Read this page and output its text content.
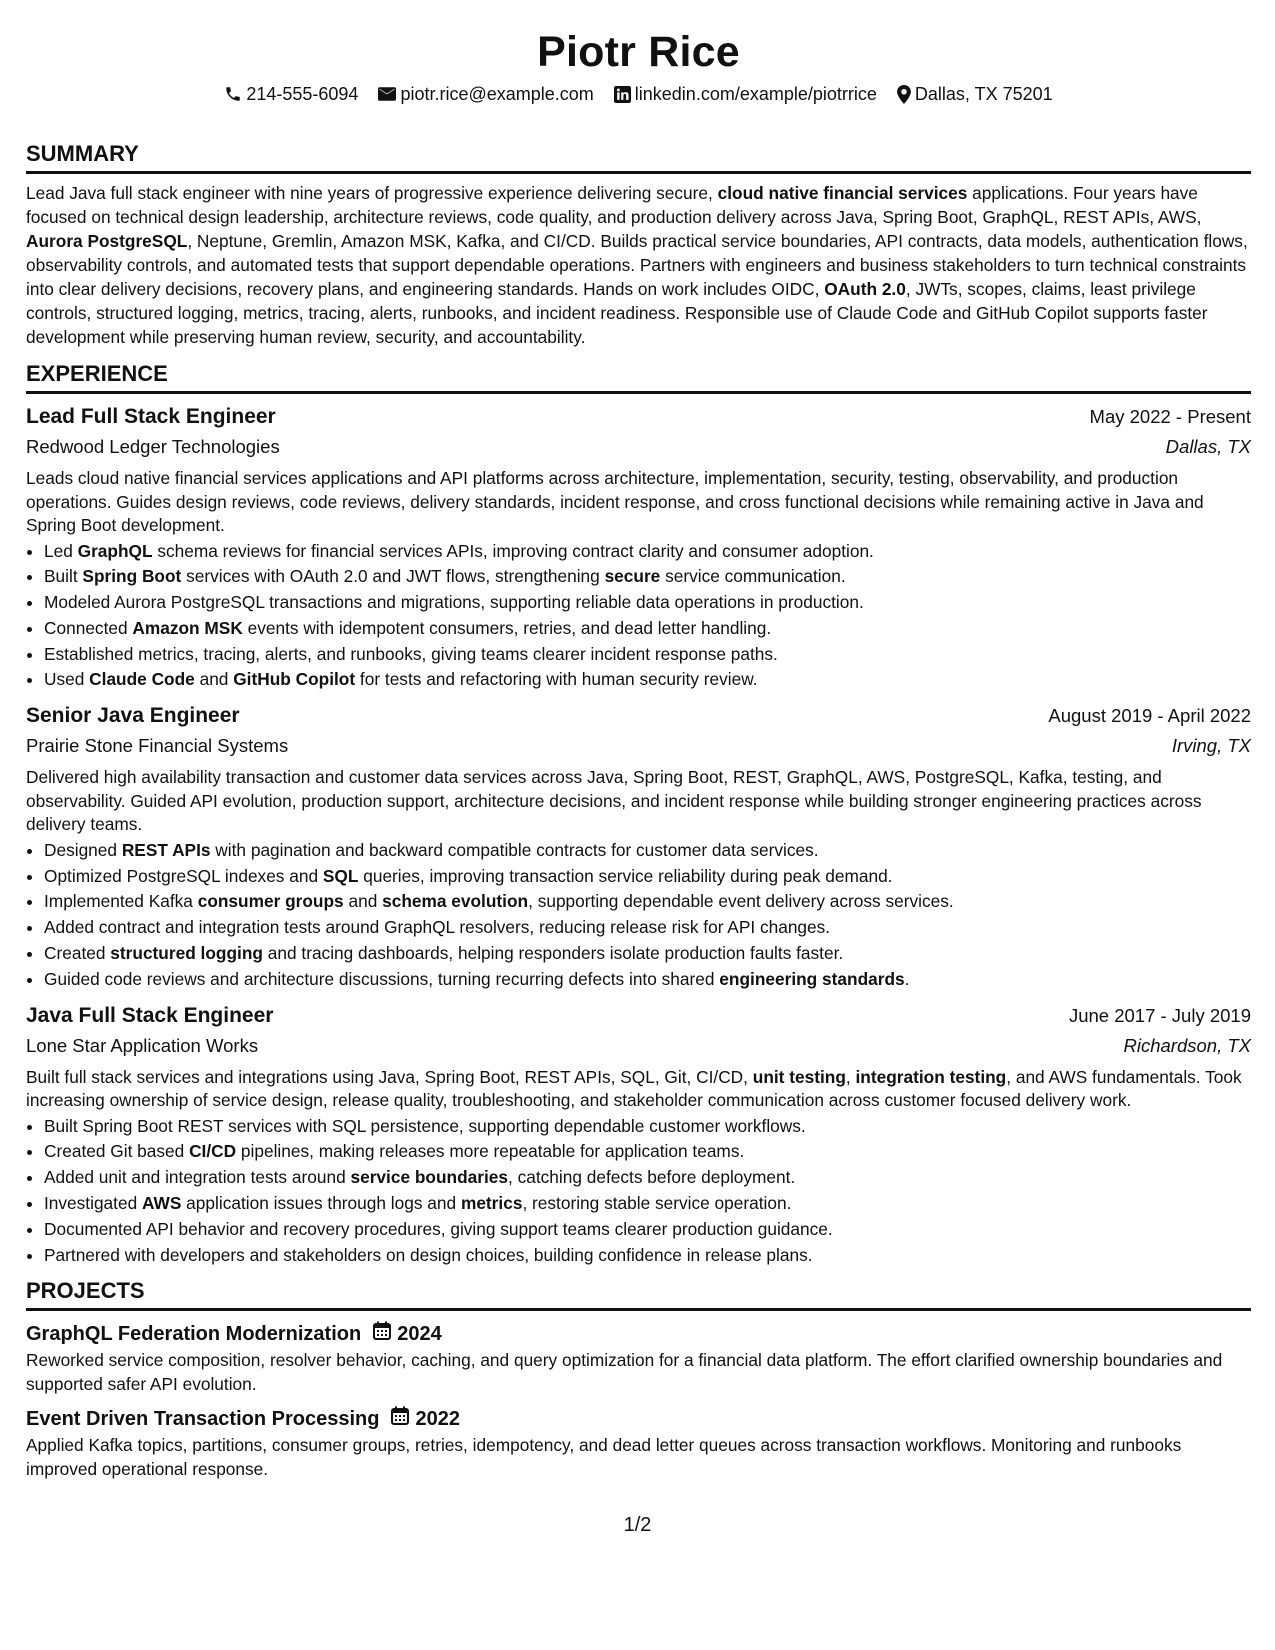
Piotr Rice
214-555-6094 piotr.rice@example.com linkedin.com/example/piotrrice Dallas, TX 75201
SUMMARY
Lead Java full stack engineer with nine years of progressive experience delivering secure, cloud native financial services applications. Four years have focused on technical design leadership, architecture reviews, code quality, and production delivery across Java, Spring Boot, GraphQL, REST APIs, AWS, Aurora PostgreSQL, Neptune, Gremlin, Amazon MSK, Kafka, and CI/CD. Builds practical service boundaries, API contracts, data models, authentication flows, observability controls, and automated tests that support dependable operations. Partners with engineers and business stakeholders to turn technical constraints into clear delivery decisions, recovery plans, and engineering standards. Hands on work includes OIDC, OAuth 2.0, JWTs, scopes, claims, least privilege controls, structured logging, metrics, tracing, alerts, runbooks, and incident readiness. Responsible use of Claude Code and GitHub Copilot supports faster development while preserving human review, security, and accountability.
EXPERIENCE
Lead Full Stack Engineer	May 2022 - Present
Redwood Ledger Technologies	Dallas, TX
Leads cloud native financial services applications and API platforms across architecture, implementation, security, testing, observability, and production operations. Guides design reviews, code reviews, delivery standards, incident response, and cross functional decisions while remaining active in Java and Spring Boot development.
• Led GraphQL schema reviews for financial services APIs, improving contract clarity and consumer adoption.
• Built Spring Boot services with OAuth 2.0 and JWT flows, strengthening secure service communication.
• Modeled Aurora PostgreSQL transactions and migrations, supporting reliable data operations in production.
• Connected Amazon MSK events with idempotent consumers, retries, and dead letter handling.
• Established metrics, tracing, alerts, and runbooks, giving teams clearer incident response paths.
• Used Claude Code and GitHub Copilot for tests and refactoring with human security review.
Senior Java Engineer	August 2019 - April 2022
Prairie Stone Financial Systems	Irving, TX
Delivered high availability transaction and customer data services across Java, Spring Boot, REST, GraphQL, AWS, PostgreSQL, Kafka, testing, and observability. Guided API evolution, production support, architecture decisions, and incident response while building stronger engineering practices across delivery teams.
• Designed REST APIs with pagination and backward compatible contracts for customer data services.
• Optimized PostgreSQL indexes and SQL queries, improving transaction service reliability during peak demand.
• Implemented Kafka consumer groups and schema evolution, supporting dependable event delivery across services.
• Added contract and integration tests around GraphQL resolvers, reducing release risk for API changes.
• Created structured logging and tracing dashboards, helping responders isolate production faults faster.
• Guided code reviews and architecture discussions, turning recurring defects into shared engineering standards.
Java Full Stack Engineer	June 2017 - July 2019
Lone Star Application Works	Richardson, TX
Built full stack services and integrations using Java, Spring Boot, REST APIs, SQL, Git, CI/CD, unit testing, integration testing, and AWS fundamentals. Took increasing ownership of service design, release quality, troubleshooting, and stakeholder communication across customer focused delivery work.
• Built Spring Boot REST services with SQL persistence, supporting dependable customer workflows.
• Created Git based CI/CD pipelines, making releases more repeatable for application teams.
• Added unit and integration tests around service boundaries, catching defects before deployment.
• Investigated AWS application issues through logs and metrics, restoring stable service operation.
• Documented API behavior and recovery procedures, giving support teams clearer production guidance.
• Partnered with developers and stakeholders on design choices, building confidence in release plans.
PROJECTS
GraphQL Federation Modernization 2024
Reworked service composition, resolver behavior, caching, and query optimization for a financial data platform. The effort clarified ownership boundaries and supported safer API evolution.
Event Driven Transaction Processing 2022
Applied Kafka topics, partitions, consumer groups, retries, idempotency, and dead letter queues across transaction workflows. Monitoring and runbooks improved operational response.
1/2
